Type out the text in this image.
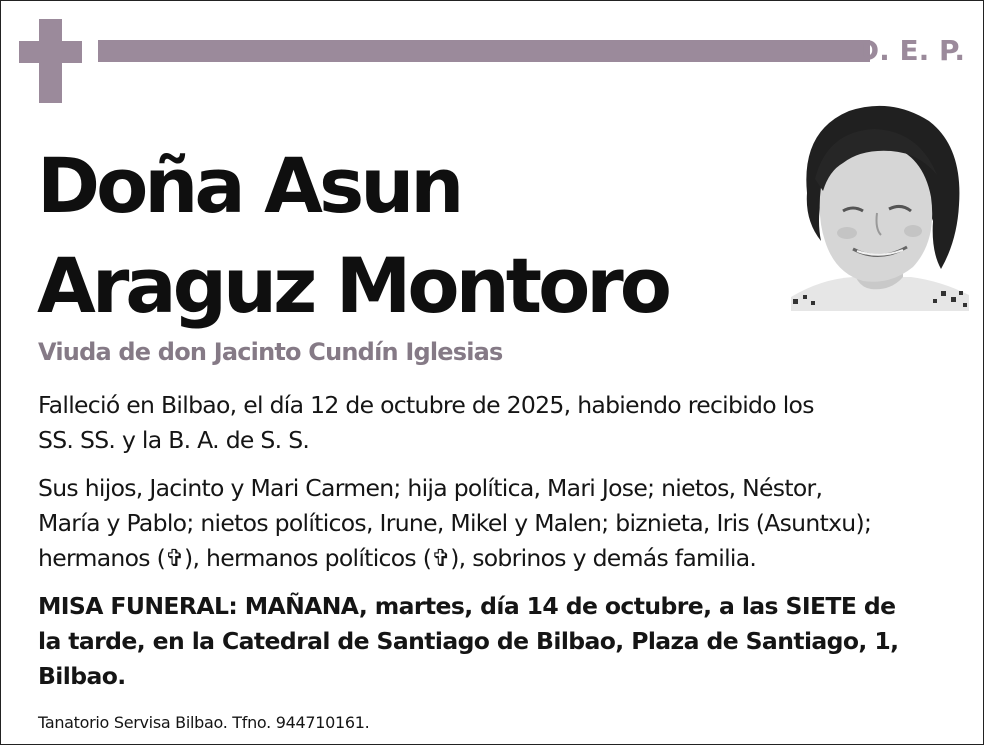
D. E. P.
Doña Asun
Araguz Montoro
Viuda de don Jacinto Cundín Iglesias
Falleció en Bilbao, el día 12 de octubre de 2025, habiendo recibido los
SS. SS. y la B. A. de S. S.
Sus hijos, Jacinto y Mari Carmen; hija política, Mari Jose; nietos, Néstor,
María y Pablo; nietos políticos, Irune, Mikel y Malen; biznieta, Iris (Asuntxu);
hermanos (✞), hermanos políticos (✞), sobrinos y demás familia.
MISA FUNERAL: MAÑANA, martes, día 14 de octubre, a las SIETE de
la tarde, en la Catedral de Santiago de Bilbao, Plaza de Santiago, 1,
Bilbao.
Tanatorio Servisa Bilbao. Tfno. 944710161.
